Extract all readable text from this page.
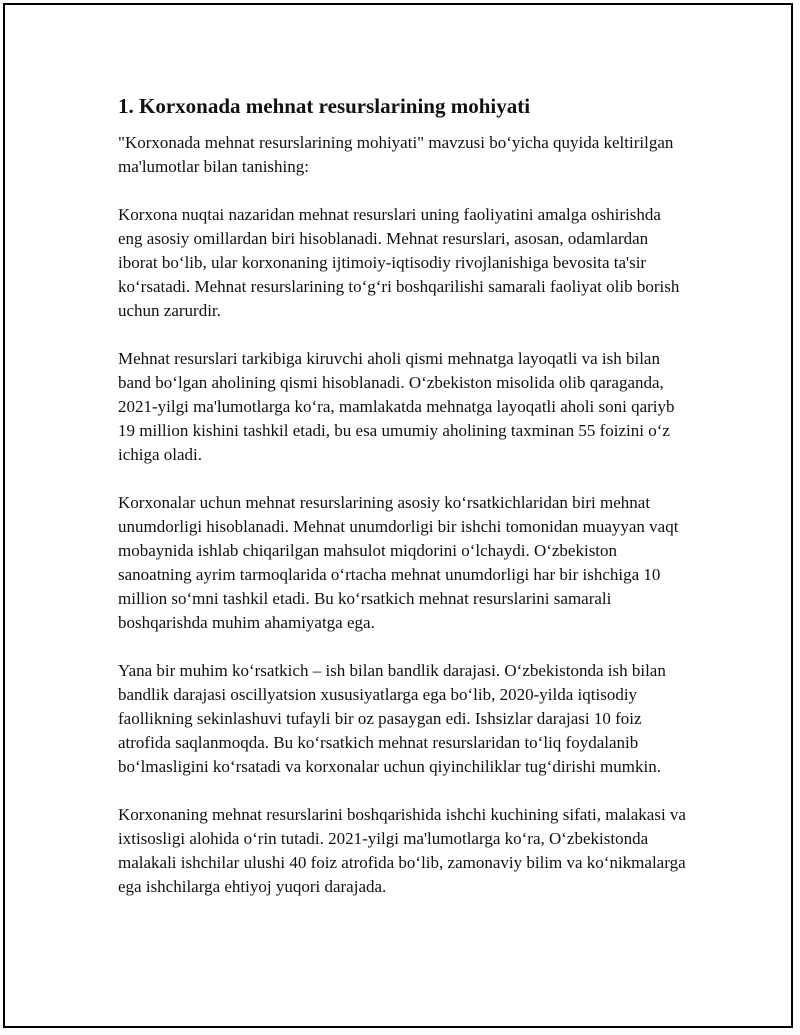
1. Korxonada mehnat resurslarining mohiyati

"Korxonada mehnat resurslarining mohiyati" mavzusi boʻyicha quyida keltirilgan ma'lumotlar bilan tanishing:

Korxona nuqtai nazaridan mehnat resurslari uning faoliyatini amalga oshirishda eng asosiy omillardan biri hisoblanadi. Mehnat resurslari, asosan, odamlardan iborat boʻlib, ular korxonaning ijtimoiy-iqtisodiy rivojlanishiga bevosita ta'sir koʻrsatadi. Mehnat resurslarining toʻgʻri boshqarilishi samarali faoliyat olib borish uchun zarurdir.

Mehnat resurslari tarkibiga kiruvchi aholi qismi mehnatga layoqatli va ish bilan band boʻlgan aholining qismi hisoblanadi. Oʻzbekiston misolida olib qaraganda, 2021-yilgi ma'lumotlarga koʻra, mamlakatda mehnatga layoqatli aholi soni qariyb 19 million kishini tashkil etadi, bu esa umumiy aholining taxminan 55 foizini oʻz ichiga oladi.

Korxonalar uchun mehnat resurslarining asosiy koʻrsatkichlaridan biri mehnat unumdorligi hisoblanadi. Mehnat unumdorligi bir ishchi tomonidan muayyan vaqt mobaynida ishlab chiqarilgan mahsulot miqdorini oʻlchaydi. Oʻzbekiston sanoatning ayrim tarmoqlarida oʻrtacha mehnat unumdorligi har bir ishchiga 10 million soʻmni tashkil etadi. Bu koʻrsatkich mehnat resurslarini samarali boshqarishda muhim ahamiyatga ega.

Yana bir muhim koʻrsatkich – ish bilan bandlik darajasi. Oʻzbekistonda ish bilan bandlik darajasi oscillyatsion xususiyatlarga ega boʻlib, 2020-yilda iqtisodiy faollikning sekinlashuvi tufayli bir oz pasaygan edi. Ishsizlar darajasi 10 foiz atrofida saqlanmoqda. Bu koʻrsatkich mehnat resurslaridan toʻliq foydalanib boʻlmasligini koʻrsatadi va korxonalar uchun qiyinchiliklar tugʻdirishi mumkin.

Korxonaning mehnat resurslarini boshqarishida ishchi kuchining sifati, malakasi va ixtisosligi alohida oʻrin tutadi. 2021-yilgi ma'lumotlarga koʻra, Oʻzbekistonda malakali ishchilar ulushi 40 foiz atrofida boʻlib, zamonaviy bilim va koʻnikmalarga ega ishchilarga ehtiyoj yuqori darajada.
